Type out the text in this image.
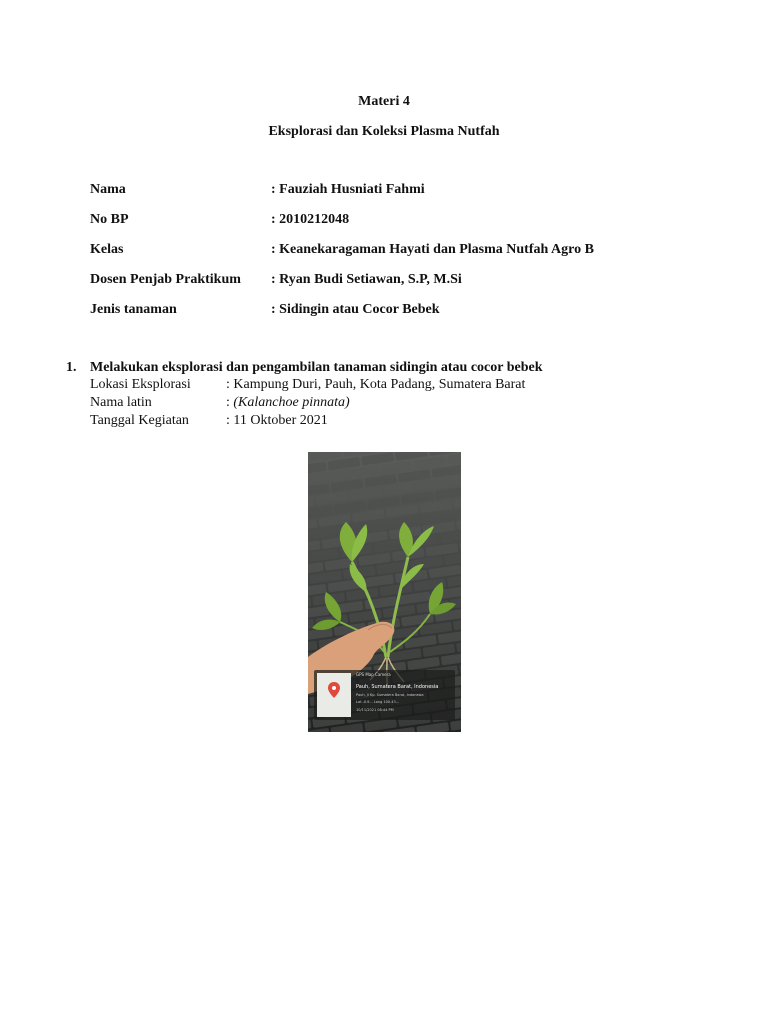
Materi 4
Eksplorasi dan Koleksi Plasma Nutfah
Nama	: Fauziah Husniati Fahmi
No BP	: 2010212048
Kelas	: Keanekaragaman Hayati dan Plasma Nutfah Agro B
Dosen Penjab Praktikum : Ryan Budi Setiawan, S.P, M.Si
Jenis tanaman	: Sidingin atau Cocor Bebek
1. Melakukan eksplorasi dan pengambilan tanaman sidingin atau cocor bebek
Lokasi Eksplorasi	: Kampung Duri, Pauh, Kota Padang, Sumatera Barat
Nama latin	: (Kalanchoe pinnata)
Tanggal Kegiatan	: 11 Oktober 2021
GPS Map Camera
Pauh, Sumatera Barat, Indonesia
Pauh, JI Kp. Sumatera Barat, Indonesia
Lat -0.9... Long 100.43...
10/11/2021 08:44 PM
